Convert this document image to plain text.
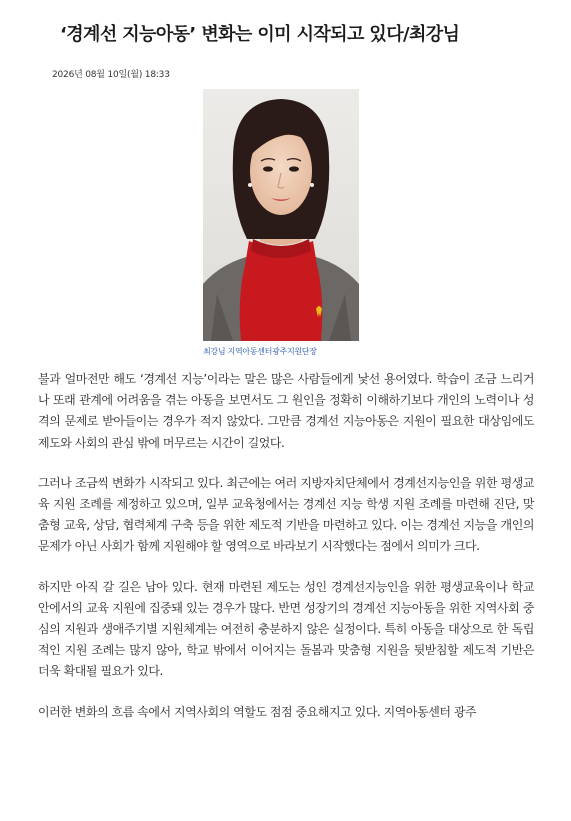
‘경계선 지능아동’ 변화는 이미 시작되고 있다/최강님
2026년 08월 10일(월) 18:33
최강님 지역아동센터광주지원단장

불과 얼마전만 해도 ‘경계선 지능’이라는 말은 많은 사람들에게 낯선 용어였다. 학습이 조금 느리거나 또래 관계에 어려움을 겪는 아동을 보면서도 그 원인을 정확히 이해하기보다 개인의 노력이나 성격의 문제로 받아들이는 경우가 적지 않았다. 그만큼 경계선 지능아동은 지원이 필요한 대상임에도 제도와 사회의 관심 밖에 머무르는 시간이 길었다.

그러나 조금씩 변화가 시작되고 있다. 최근에는 여러 지방자치단체에서 경계선지능인을 위한 평생교육 지원 조례를 제정하고 있으며, 일부 교육청에서는 경계선 지능 학생 지원 조례를 마련해 진단, 맞춤형 교육, 상담, 협력체계 구축 등을 위한 제도적 기반을 마련하고 있다. 이는 경계선 지능을 개인의 문제가 아닌 사회가 함께 지원해야 할 영역으로 바라보기 시작했다는 점에서 의미가 크다.

하지만 아직 갈 길은 남아 있다. 현재 마련된 제도는 성인 경계선지능인을 위한 평생교육이나 학교 안에서의 교육 지원에 집중돼 있는 경우가 많다. 반면 성장기의 경계선 지능아동을 위한 지역사회 중심의 지원과 생애주기별 지원체계는 여전히 충분하지 않은 실정이다. 특히 아동을 대상으로 한 독립적인 지원 조례는 많지 않아, 학교 밖에서 이어지는 돌봄과 맞춤형 지원을 뒷받침할 제도적 기반은 더욱 확대될 필요가 있다.

이러한 변화의 흐름 속에서 지역사회의 역할도 점점 중요해지고 있다. 지역아동센터 광주
